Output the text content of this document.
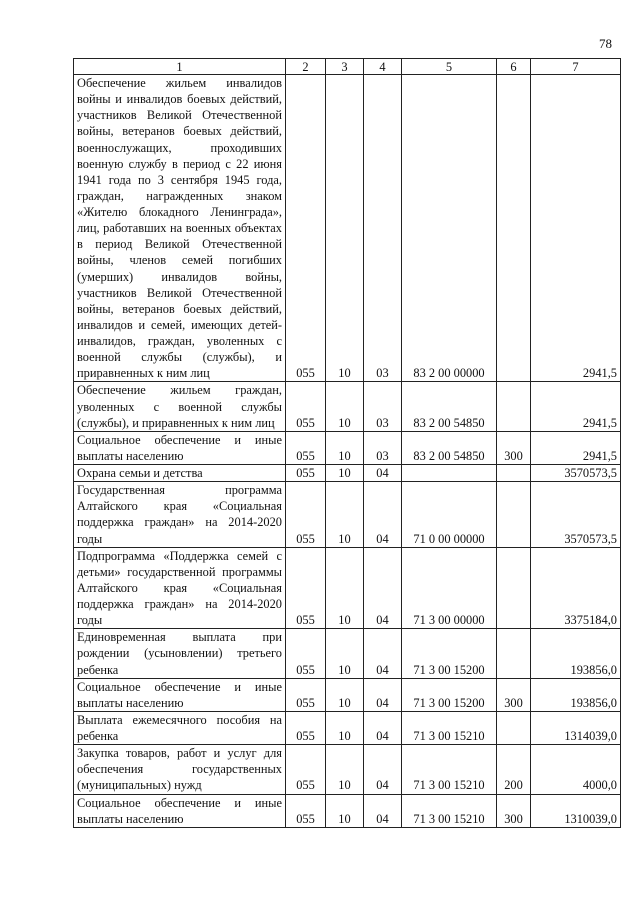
78
1	2	3	4	5	6	7
Обеспечение жильем инвалидов войны и инвалидов боевых действий, участников Великой Отечественной войны, ветеранов боевых действий, военнослужащих, проходивших военную службу в период с 22 июня 1941 года по 3 сентября 1945 года, граждан, награжденных знаком «Жителю блокадного Ленинграда», лиц, работавших на военных объектах в период Великой Отечественной войны, членов семей погибших (умерших) инвалидов войны, участников Великой Отечественной войны, ветеранов боевых действий, инвалидов и семей, имеющих детей-инвалидов, граждан, уволенных с военной службы (службы), и приравненных к ним лиц	055	10	03	83 2 00 00000		2941,5
Обеспечение жильем граждан, уволенных с военной службы (службы), и приравненных к ним лиц	055	10	03	83 2 00 54850		2941,5
Социальное обеспечение и иные выплаты населению	055	10	03	83 2 00 54850	300	2941,5
Охрана семьи и детства	055	10	04			3570573,5
Государственная программа Алтайского края «Социальная поддержка граждан» на 2014-2020 годы	055	10	04	71 0 00 00000		3570573,5
Подпрограмма «Поддержка семей с детьми» государственной программы Алтайского края «Социальная поддержка граждан» на 2014-2020 годы	055	10	04	71 3 00 00000		3375184,0
Единовременная выплата при рождении (усыновлении) третьего ребенка	055	10	04	71 3 00 15200		193856,0
Социальное обеспечение и иные выплаты населению	055	10	04	71 3 00 15200	300	193856,0
Выплата ежемесячного пособия на ребенка	055	10	04	71 3 00 15210		1314039,0
Закупка товаров, работ и услуг для обеспечения государственных (муниципальных) нужд	055	10	04	71 3 00 15210	200	4000,0
Социальное обеспечение и иные выплаты населению	055	10	04	71 3 00 15210	300	1310039,0
